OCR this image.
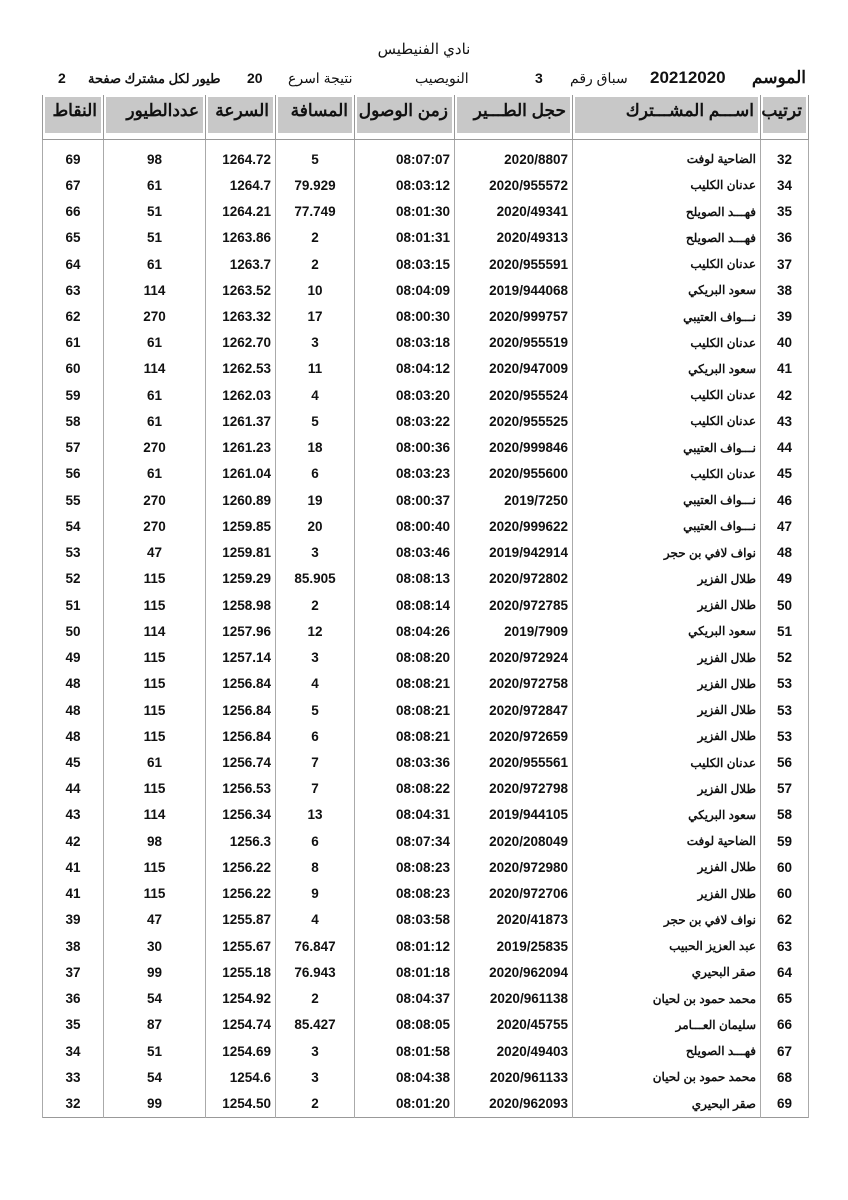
نادي الفنيطيس
الموسم
20212020
سباق رقم
3
النويصيب
نتيجة اسرع
20
طيور لكل مشترك صفحة
2
النقاط	عددالطيور	السرعة	المسافة	زمن الوصول	حجل الطـــير	اســـم المشـــترك	ترتيب

69	98	1264.72	5	08:07:07	2020/8807	الضاحية لوفت	32
67	61	1264.7	79.929	08:03:12	2020/955572	عدنان الكليب	34
66	51	1264.21	77.749	08:01:30	2020/49341	فهـــد الصويلح	35
65	51	1263.86	2	08:01:31	2020/49313	فهـــد الصويلح	36
64	61	1263.7	2	08:03:15	2020/955591	عدنان الكليب	37
63	114	1263.52	10	08:04:09	2019/944068	سعود البريكي	38
62	270	1263.32	17	08:00:30	2020/999757	نـــواف العتيبي	39
61	61	1262.70	3	08:03:18	2020/955519	عدنان الكليب	40
60	114	1262.53	11	08:04:12	2020/947009	سعود البريكي	41
59	61	1262.03	4	08:03:20	2020/955524	عدنان الكليب	42
58	61	1261.37	5	08:03:22	2020/955525	عدنان الكليب	43
57	270	1261.23	18	08:00:36	2020/999846	نـــواف العتيبي	44
56	61	1261.04	6	08:03:23	2020/955600	عدنان الكليب	45
55	270	1260.89	19	08:00:37	2019/7250	نـــواف العتيبي	46
54	270	1259.85	20	08:00:40	2020/999622	نـــواف العتيبي	47
53	47	1259.81	3	08:03:46	2019/942914	نواف لافي بن حجر	48
52	115	1259.29	85.905	08:08:13	2020/972802	طلال الفزير	49
51	115	1258.98	2	08:08:14	2020/972785	طلال الفزير	50
50	114	1257.96	12	08:04:26	2019/7909	سعود البريكي	51
49	115	1257.14	3	08:08:20	2020/972924	طلال الفزير	52
48	115	1256.84	4	08:08:21	2020/972758	طلال الفزير	53
48	115	1256.84	5	08:08:21	2020/972847	طلال الفزير	53
48	115	1256.84	6	08:08:21	2020/972659	طلال الفزير	53
45	61	1256.74	7	08:03:36	2020/955561	عدنان الكليب	56
44	115	1256.53	7	08:08:22	2020/972798	طلال الفزير	57
43	114	1256.34	13	08:04:31	2019/944105	سعود البريكي	58
42	98	1256.3	6	08:07:34	2020/208049	الضاحية لوفت	59
41	115	1256.22	8	08:08:23	2020/972980	طلال الفزير	60
41	115	1256.22	9	08:08:23	2020/972706	طلال الفزير	60
39	47	1255.87	4	08:03:58	2020/41873	نواف لافي بن حجر	62
38	30	1255.67	76.847	08:01:12	2019/25835	عبد العزيز الحبيب	63
37	99	1255.18	76.943	08:01:18	2020/962094	صقر البحيري	64
36	54	1254.92	2	08:04:37	2020/961138	محمد حمود بن لحيان	65
35	87	1254.74	85.427	08:08:05	2020/45755	سليمان العـــامر	66
34	51	1254.69	3	08:01:58	2020/49403	فهـــد الصويلح	67
33	54	1254.6	3	08:04:38	2020/961133	محمد حمود بن لحيان	68
32	99	1254.50	2	08:01:20	2020/962093	صقر البحيري	69
